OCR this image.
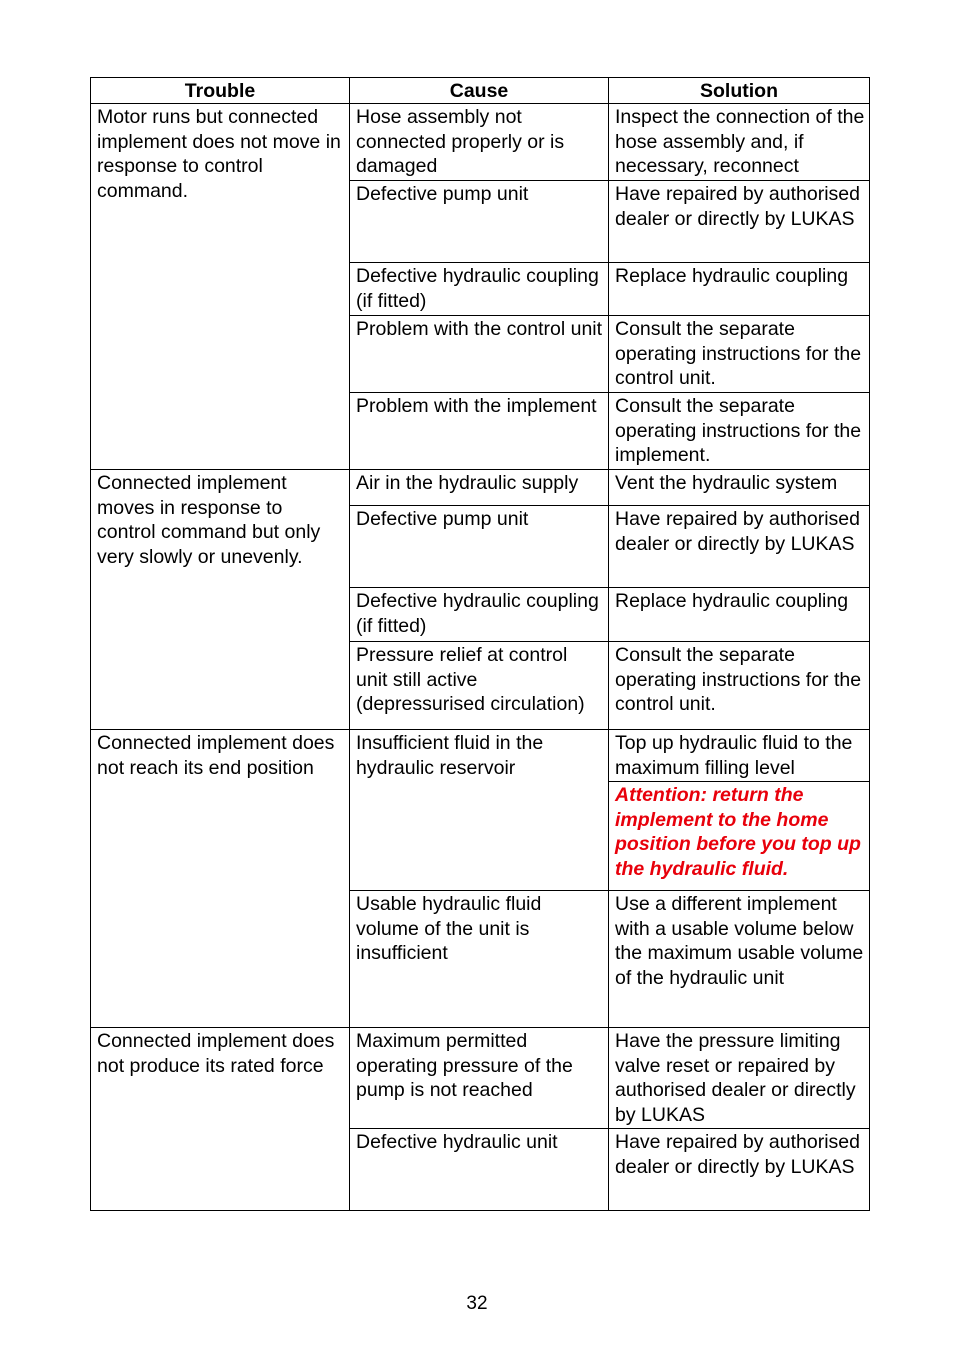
Trouble	Cause	Solution
Motor runs but connected implement does not move in response to control command.	Hose assembly not connected properly or is damaged	Inspect the connection of the hose assembly and, if necessary, reconnect
	Defective pump unit	Have repaired by authorised dealer or directly by LUKAS
	Defective hydraulic coupling (if fitted)	Replace hydraulic coupling
	Problem with the control unit	Consult the separate operating instructions for the control unit.
	Problem with the implement	Consult the separate operating instructions for the implement.
Connected implement moves in response to control command but only very slowly or unevenly.	Air in the hydraulic supply	Vent the hydraulic system
	Defective pump unit	Have repaired by authorised dealer or directly by LUKAS
	Defective hydraulic coupling (if fitted)	Replace hydraulic coupling
	Pressure relief at control unit still active (depressurised circulation)	Consult the separate operating instructions for the control unit.
Connected implement does not reach its end position	Insufficient fluid in the hydraulic reservoir	Top up hydraulic fluid to the maximum filling level
		Attention: return the implement to the home position before you top up the hydraulic fluid.
	Usable hydraulic fluid volume of the unit is insufficient	Use a different implement with a usable volume below the maximum usable volume of the hydraulic unit
Connected implement does not produce its rated force	Maximum permitted operating pressure of the pump is not reached	Have the pressure limiting valve reset or repaired by authorised dealer or directly by LUKAS
	Defective hydraulic unit	Have repaired by authorised dealer or directly by LUKAS
32
